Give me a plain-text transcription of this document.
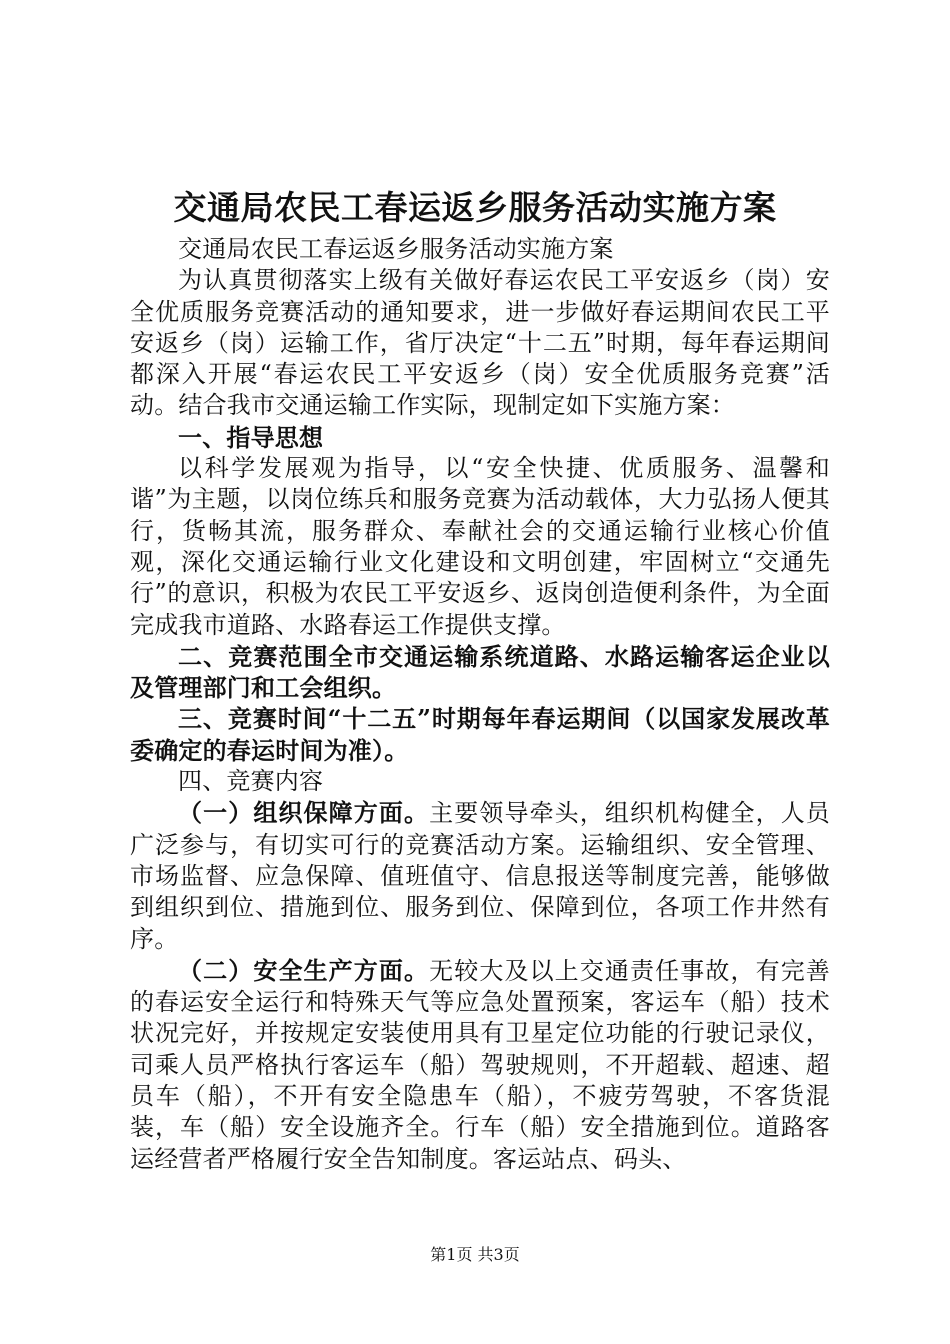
交通局农民工春运返乡服务活动实施方案

交通局农民工春运返乡服务活动实施方案

为认真贯彻落实上级有关做好春运农民工平安返乡（岗）安全优质服务竞赛活动的通知要求，进一步做好春运期间农民工平安返乡（岗）运输工作，省厅决定“十二五”时期，每年春运期间都深入开展“春运农民工平安返乡（岗）安全优质服务竞赛”活动。结合我市交通运输工作实际，现制定如下实施方案：

一、指导思想

以科学发展观为指导，以“安全快捷、优质服务、温馨和谐”为主题，以岗位练兵和服务竞赛为活动载体，大力弘扬人便其行，货畅其流，服务群众、奉献社会的交通运输行业核心价值观，深化交通运输行业文化建设和文明创建，牢固树立“交通先行”的意识，积极为农民工平安返乡、返岗创造便利条件，为全面完成我市道路、水路春运工作提供支撑。

二、竞赛范围全市交通运输系统道路、水路运输客运企业以及管理部门和工会组织。

三、竞赛时间“十二五”时期每年春运期间（以国家发展改革委确定的春运时间为准）。

四、竞赛内容

（一）组织保障方面。主要领导牵头，组织机构健全，人员广泛参与，有切实可行的竞赛活动方案。运输组织、安全管理、市场监督、应急保障、值班值守、信息报送等制度完善，能够做到组织到位、措施到位、服务到位、保障到位，各项工作井然有序。

（二）安全生产方面。无较大及以上交通责任事故，有完善的春运安全运行和特殊天气等应急处置预案，客运车（船）技术状况完好，并按规定安装使用具有卫星定位功能的行驶记录仪，司乘人员严格执行客运车（船）驾驶规则，不开超载、超速、超员车（船），不开有安全隐患车（船），不疲劳驾驶，不客货混装，车（船）安全设施齐全。行车（船）安全措施到位。道路客运经营者严格履行安全告知制度。客运站点、码头、

第1页 共3页
